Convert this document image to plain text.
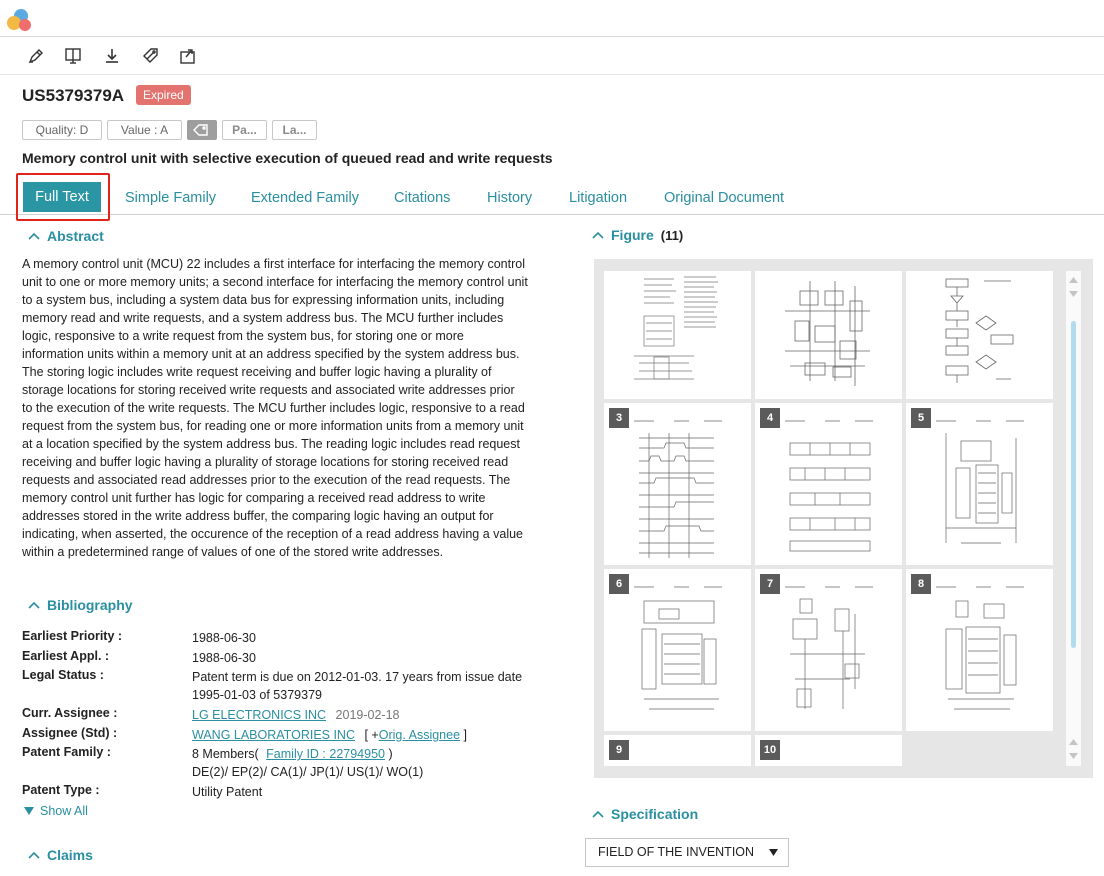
US5379379A	Expired
Quality: D	Value : A	Pa...	La...
Memory control unit with selective execution of queued read and write requests
Full Text	Simple Family Extended Family Citations	History	Litigation	Original Document
Abstract
A memory control unit (MCU) 22 includes a first interface for interfacing the memory control
unit to one or more memory units; a second interface for interfacing the memory control unit
to a system bus, including a system data bus for expressing information units, including
memory read and write requests, and a system address bus. The MCU further includes
logic, responsive to a write request from the system bus, for storing one or more
information units within a memory unit at an address specified by the system address bus.
The storing logic includes write request receiving and buffer logic having a plurality of
storage locations for storing received write requests and associated write addresses prior
to the execution of the write requests. The MCU further includes logic, responsive to a read
request from the system bus, for reading one or more information units from a memory unit
at a location specified by the system address bus. The reading logic includes read request
receiving and buffer logic having a plurality of storage locations for storing received read
requests and associated read addresses prior to the execution of the read requests. The
memory control unit further has logic for comparing a received read address to write
addresses stored in the write address buffer, the comparing logic having an output for
indicating, when asserted, the occurence of the reception of a read address having a value
within a predetermined range of values of one of the stored write addresses.
Bibliography
Earliest Priority :	1988-06-30
Earliest Appl. :	1988-06-30
Legal Status :	Patent term is due on 2012-01-03. 17 years from issue date
1995-01-03 of 5379379
Curr. Assignee :	LG ELECTRONICS INC 2019-02-18
Assignee (Std) :	WANG LABORATORIES INC [ +Orig. Assignee ]
Patent Family :	8 Members( Family ID : 22794950 )
DE(2)/ EP(2)/ CA(1)/ JP(1)/ US(1)/ WO(1)
Patent Type :	Utility Patent
Show All
Claims
Figure (11)
3	4	5
6	7	8
9	10
Specification
FIELD OF THE INVENTION
